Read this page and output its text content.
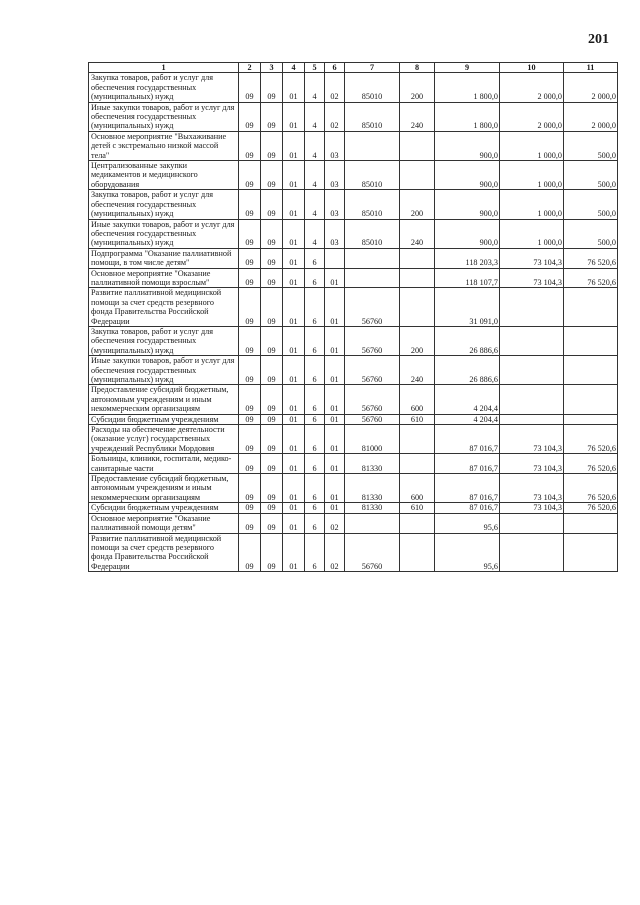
201
1	2	3	4	5	6	7	8	9	10	11
Закупка товаров, работ и услуг для обеспечения государственных (муниципальных) нужд	09	09	01	4	02	85010	200	1 800,0	2 000,0	2 000,0
Иные закупки товаров, работ и услуг для обеспечения государственных (муниципальных) нужд	09	09	01	4	02	85010	240	1 800,0	2 000,0	2 000,0
Основное мероприятие "Выхаживание детей с экстремально низкой массой тела"	09	09	01	4	03			900,0	1 000,0	500,0
Централизованные закупки медикаментов и медицинского оборудования	09	09	01	4	03	85010		900,0	1 000,0	500,0
Закупка товаров, работ и услуг для обеспечения государственных (муниципальных) нужд	09	09	01	4	03	85010	200	900,0	1 000,0	500,0
Иные закупки товаров, работ и услуг для обеспечения государственных (муниципальных) нужд	09	09	01	4	03	85010	240	900,0	1 000,0	500,0
Подпрограмма "Оказание паллиативной помощи, в том числе детям"	09	09	01	6				118 203,3	73 104,3	76 520,6
Основное мероприятие "Оказание паллиативной помощи взрослым"	09	09	01	6	01			118 107,7	73 104,3	76 520,6
Развитие паллиативной медицинской помощи за счет средств резервного фонда Правительства Российской Федерации	09	09	01	6	01	56760		31 091,0		
Закупка товаров, работ и услуг для обеспечения государственных (муниципальных) нужд	09	09	01	6	01	56760	200	26 886,6		
Иные закупки товаров, работ и услуг для обеспечения государственных (муниципальных) нужд	09	09	01	6	01	56760	240	26 886,6		
Предоставление субсидий бюджетным, автономным учреждениям и иным некоммерческим организациям	09	09	01	6	01	56760	600	4 204,4		
Субсидии бюджетным учреждениям	09	09	01	6	01	56760	610	4 204,4		
Расходы на обеспечение деятельности (оказание услуг) государственных учреждений Республики Мордовия	09	09	01	6	01	81000		87 016,7	73 104,3	76 520,6
Больницы, клиники, госпитали, медико-санитарные части	09	09	01	6	01	81330		87 016,7	73 104,3	76 520,6
Предоставление субсидий бюджетным, автономным учреждениям и иным некоммерческим организациям	09	09	01	6	01	81330	600	87 016,7	73 104,3	76 520,6
Субсидии бюджетным учреждениям	09	09	01	6	01	81330	610	87 016,7	73 104,3	76 520,6
Основное мероприятие "Оказание паллиативной помощи детям"	09	09	01	6	02			95,6		
Развитие паллиативной медицинской помощи за счет средств резервного фонда Правительства Российской Федерации	09	09	01	6	02	56760		95,6		
